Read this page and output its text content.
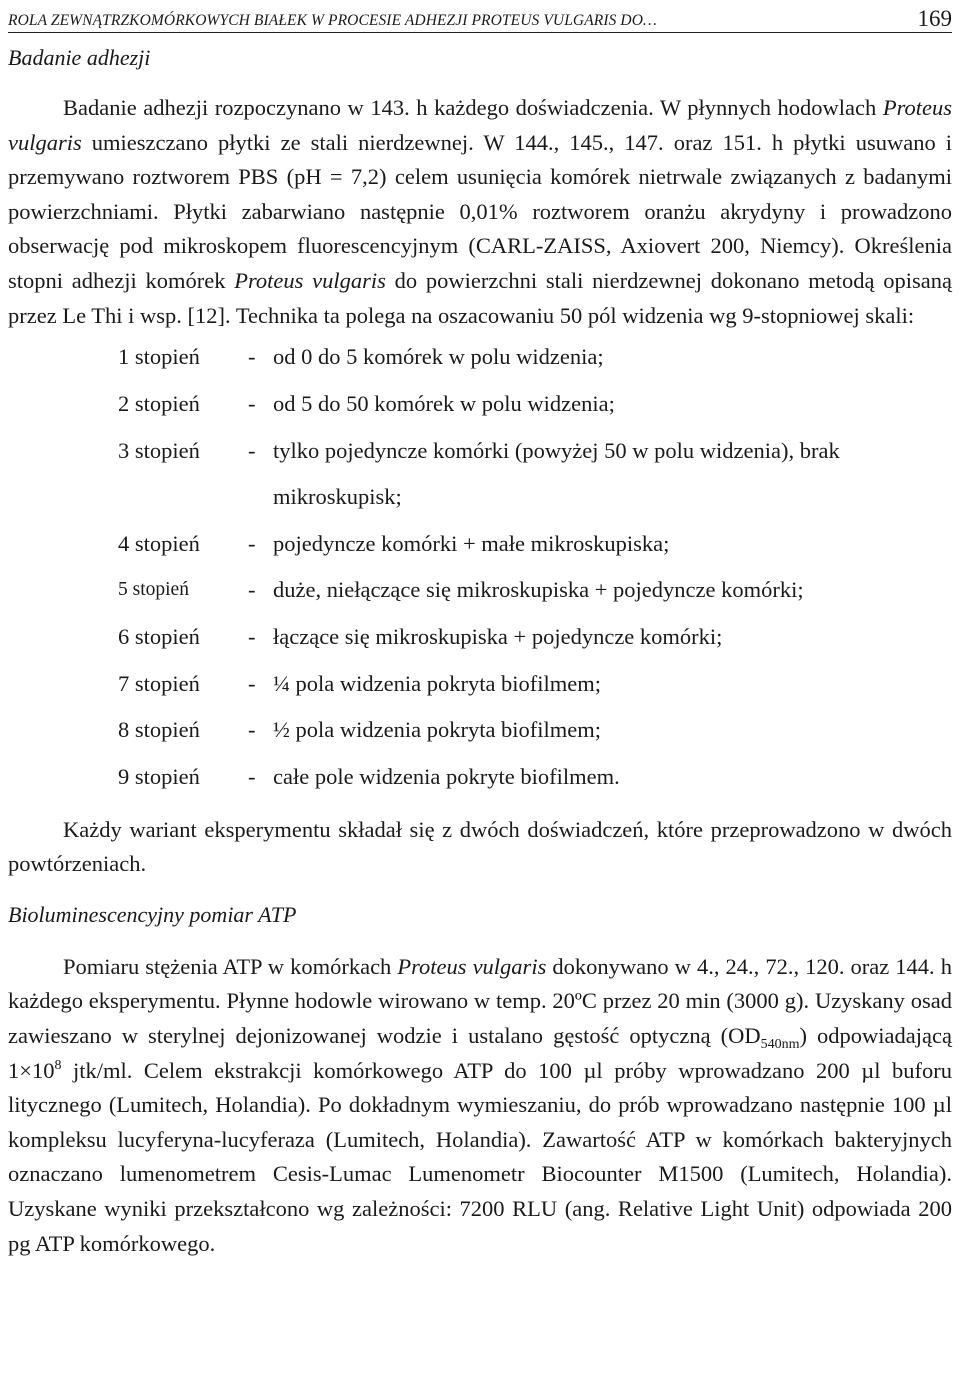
ROLA ZEWNĄTRZKOMÓRKOWYCH BIAŁEK W PROCESIE ADHEZJI PROTEUS VULGARIS DO…	169
Badanie adhezji

Badanie adhezji rozpoczynano w 143. h każdego doświadczenia. W płynnych hodowlach Proteus vulgaris umieszczano płytki ze stali nierdzewnej. W 144., 145., 147. oraz 151. h płytki usuwano i przemywano roztworem PBS (pH = 7,2) celem usunięcia komórek nietrwale związanych z badanymi powierzchniami. Płytki zabarwiano następnie 0,01% roztworem oranżu akrydyny i prowadzono obserwację pod mikroskopem fluorescencyjnym (CARL-ZAISS, Axiovert 200, Niemcy). Określenia stopni adhezji komórek Proteus vulgaris do powierzchni stali nierdzewnej dokonano metodą opisaną przez Le Thi i wsp. [12]. Technika ta polega na oszacowaniu 50 pól widzenia wg 9-stopniowej skali:

1 stopień - od 0 do 5 komórek w polu widzenia;
2 stopień - od 5 do 50 komórek w polu widzenia;
3 stopień - tylko pojedyncze komórki (powyżej 50 w polu widzenia), brak
mikroskupisk;
4 stopień - pojedyncze komórki + małe mikroskupiska;
5 stopień	- duże, niełączące się mikroskupiska + pojedyncze komórki;
6 stopień - łączące się mikroskupiska + pojedyncze komórki;
7 stopień - ¼ pola widzenia pokryta biofilmem;
8 stopień - ½ pola widzenia pokryta biofilmem;
9 stopień - całe pole widzenia pokryte biofilmem.

Każdy wariant eksperymentu składał się z dwóch doświadczeń, które przeprowadzono w dwóch powtórzeniach.

Bioluminescencyjny pomiar ATP

Pomiaru stężenia ATP w komórkach Proteus vulgaris dokonywano w 4., 24., 72., 120. oraz 144. h każdego eksperymentu. Płynne hodowle wirowano w temp. 20ºC przez 20 min (3000 g). Uzyskany osad zawieszano w sterylnej dejonizowanej wodzie i ustalano gęstość optyczną $(OD_{540nm})$ odpowiadającą $1\times 10^8$ jtk/ml. Celem ekstrakcji komórkowego ATP do 100 µl próby wprowadzano 200 µl buforu litycznego (Lumitech, Holandia). Po dokładnym wymieszaniu, do prób wprowadzano następnie 100 µl kompleksu lucyferyna-lucyferaza (Lumitech, Holandia). Zawartość ATP w komórkach bakteryjnych oznaczano lumenometrem Cesis-Lumac Lumenometr Biocounter M1500 (Lumitech, Holandia). Uzyskane wyniki przekształcono wg zależności: 7200 RLU (ang. Relative Light Unit) odpowiada 200 pg ATP komórkowego.
